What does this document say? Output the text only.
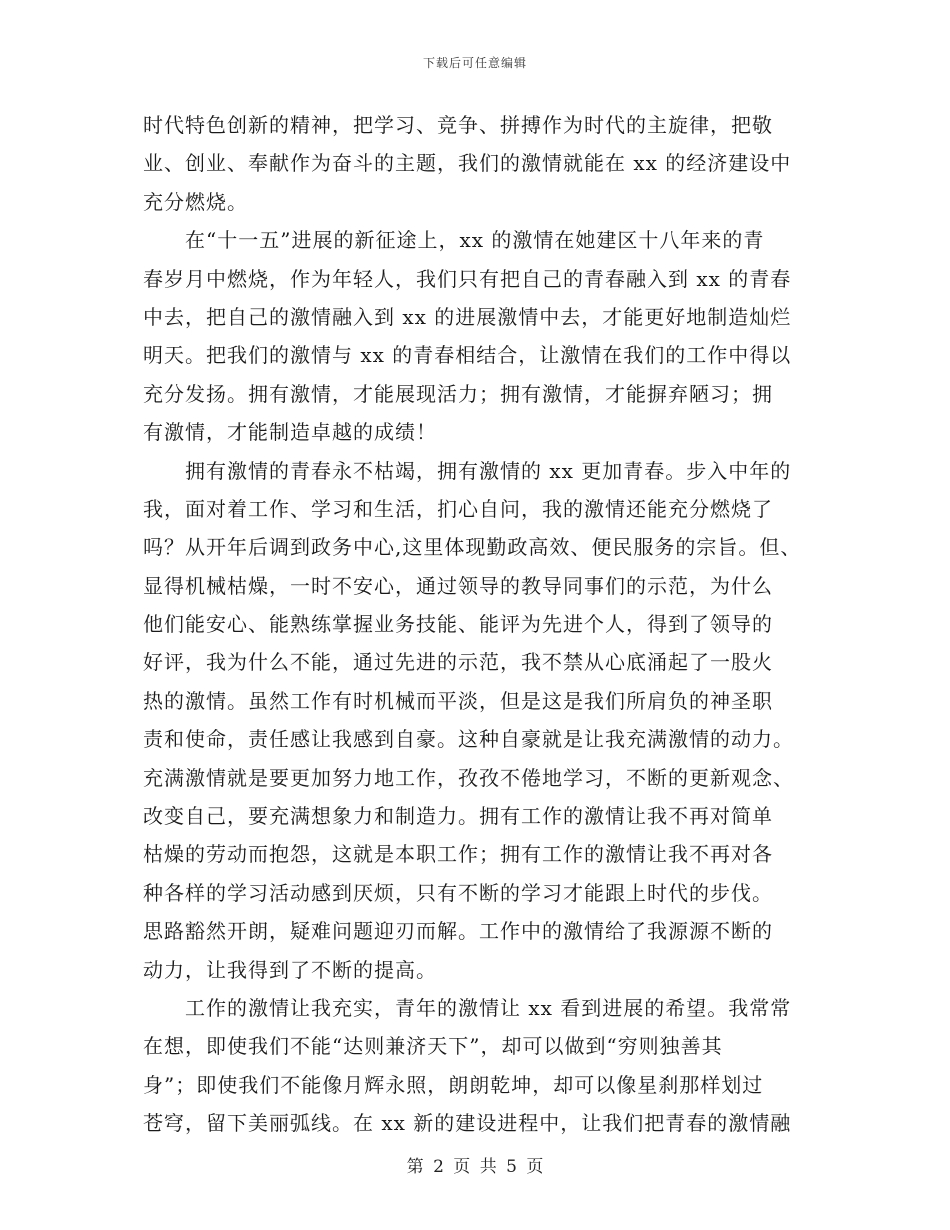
下载后可任意编辑
时代特色创新的精神，把学习、竞争、拼搏作为时代的主旋律，把敬
业、创业、奉献作为奋斗的主题，我们的激情就能在 xx 的经济建设中
充分燃烧。
在“十一五”进展的新征途上，xx 的激情在她建区十八年来的青
春岁月中燃烧，作为年轻人，我们只有把自己的青春融入到 xx 的青春
中去，把自己的激情融入到 xx 的进展激情中去，才能更好地制造灿烂
明天。把我们的激情与 xx 的青春相结合，让激情在我们的工作中得以
充分发扬。拥有激情，才能展现活力；拥有激情，才能摒弃陋习；拥
有激情，才能制造卓越的成绩！
拥有激情的青春永不枯竭，拥有激情的 xx 更加青春。步入中年的
我，面对着工作、学习和生活，扪心自问，我的激情还能充分燃烧了
吗？从开年后调到政务中心,这里体现勤政高效、便民服务的宗旨。但、
显得机械枯燥，一时不安心，通过领导的教导同事们的示范，为什么
他们能安心、能熟练掌握业务技能、能评为先进个人，得到了领导的
好评，我为什么不能，通过先进的示范，我不禁从心底涌起了一股火
热的激情。虽然工作有时机械而平淡，但是这是我们所肩负的神圣职
责和使命，责任感让我感到自豪。这种自豪就是让我充满激情的动力。
充满激情就是要更加努力地工作，孜孜不倦地学习，不断的更新观念、
改变自己，要充满想象力和制造力。拥有工作的激情让我不再对简单
枯燥的劳动而抱怨，这就是本职工作；拥有工作的激情让我不再对各
种各样的学习活动感到厌烦，只有不断的学习才能跟上时代的步伐。
思路豁然开朗，疑难问题迎刃而解。工作中的激情给了我源源不断的
动力，让我得到了不断的提高。
工作的激情让我充实，青年的激情让 xx 看到进展的希望。我常常
在想，即使我们不能“达则兼济天下”，却可以做到“穷则独善其
身”；即使我们不能像月辉永照，朗朗乾坤，却可以像星刹那样划过
苍穹，留下美丽弧线。在 xx 新的建设进程中，让我们把青春的激情融
第 2 页 共 5 页
